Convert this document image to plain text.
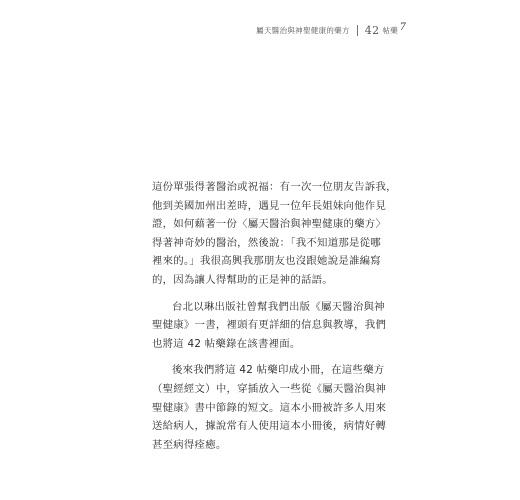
屬天醫治與神聖健康的藥方 42 帖藥 7

這份單張得著醫治或祝福：有一次一位朋友告訴我，
他到美國加州出差時，遇見一位年長姐妹向他作見
證，如何藉著一份〈屬天醫治與神聖健康的藥方〉
得著神奇妙的醫治，然後說：「我不知道那是從哪
裡來的。」我很高興我那朋友也沒跟她說是誰編寫
的，因為讓人得幫助的正是神的話語。

台北以琳出版社曾幫我們出版《屬天醫治與神
聖健康》一書，裡頭有更詳細的信息與教導，我們
也將這 42 帖藥錄在該書裡面。

後來我們將這 42 帖藥印成小冊，在這些藥方
（聖經經文）中，穿插放入一些從《屬天醫治與神
聖健康》書中節錄的短文。這本小冊被許多人用來
送給病人，據說常有人使用這本小冊後，病情好轉
甚至病得痊癒。
